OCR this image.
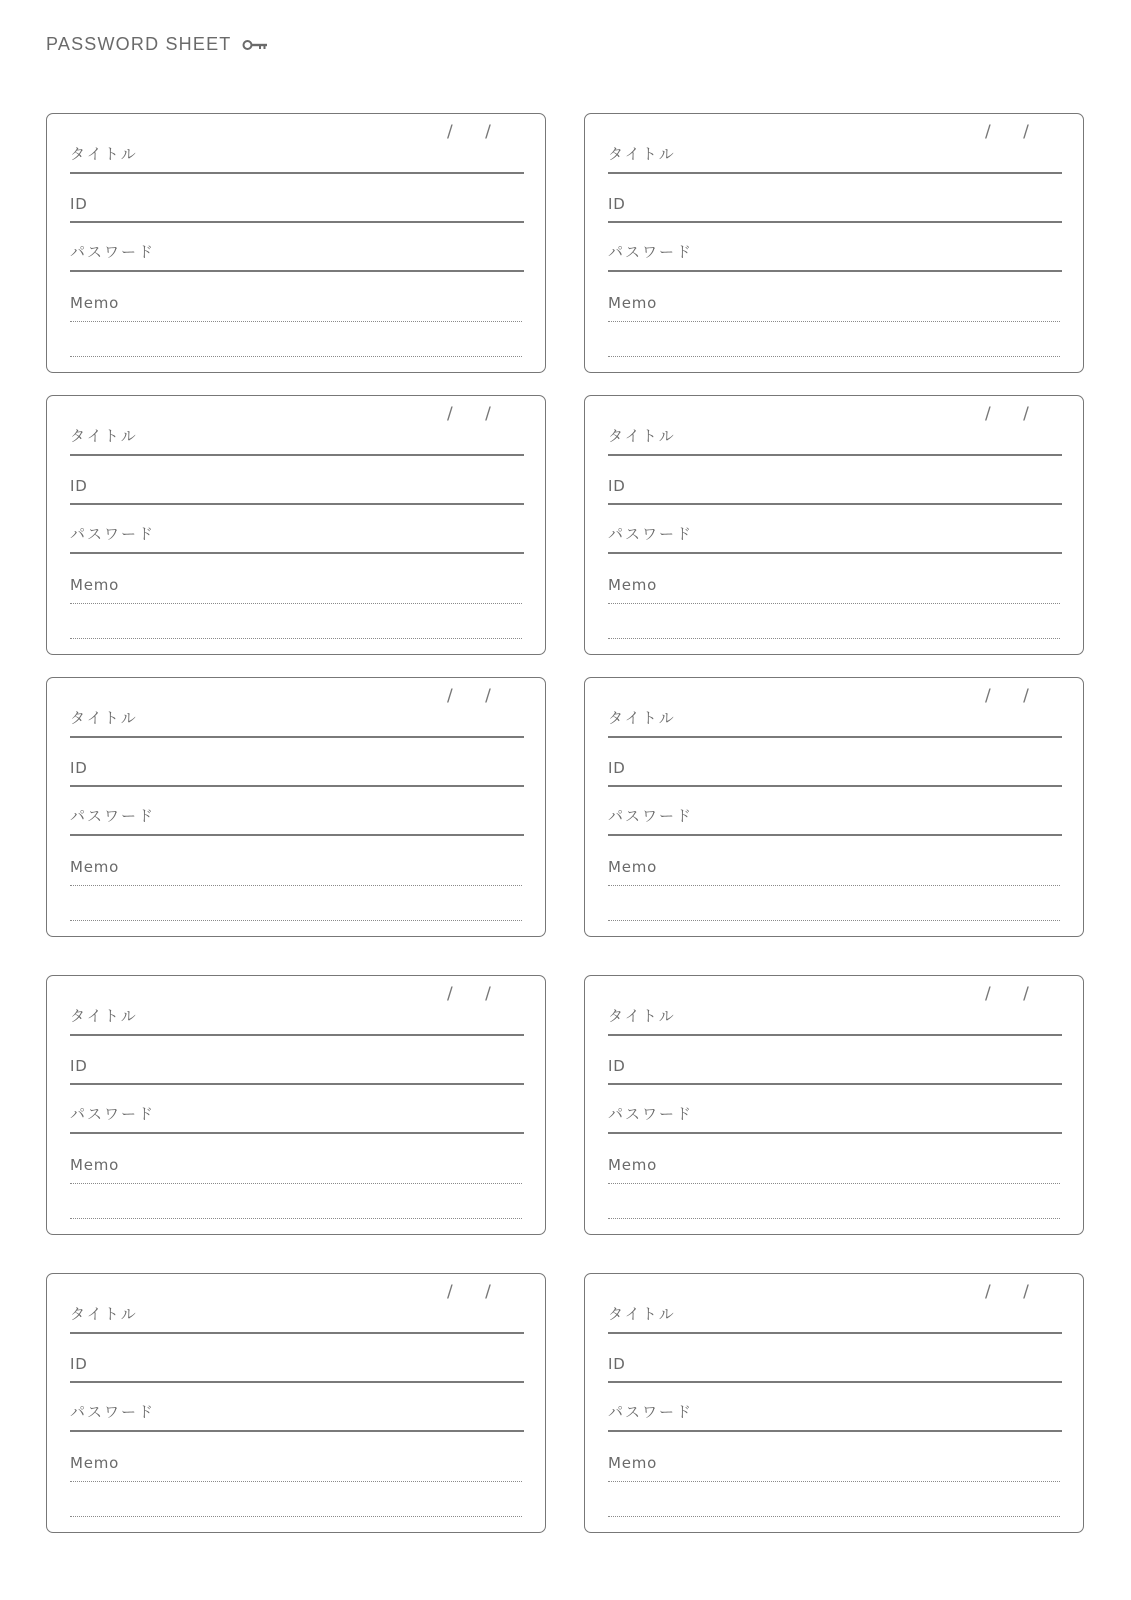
PASSWORD SHEET
/      /
タイトル
ID
パスワード
Memo
/      /
タイトル
ID
パスワード
Memo
/      /
タイトル
ID
パスワード
Memo
/      /
タイトル
ID
パスワード
Memo
/      /
タイトル
ID
パスワード
Memo
/      /
タイトル
ID
パスワード
Memo
/      /
タイトル
ID
パスワード
Memo
/      /
タイトル
ID
パスワード
Memo
/      /
タイトル
ID
パスワード
Memo
/      /
タイトル
ID
パスワード
Memo
